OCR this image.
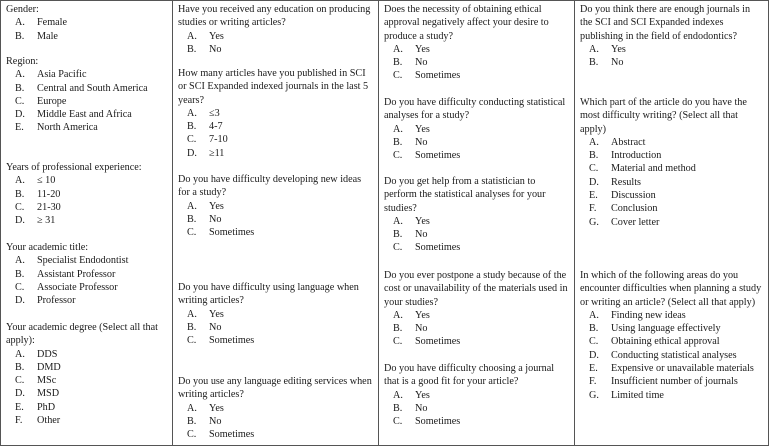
Gender:

A.	Female
B.	Male

Region:

A.	Asia Pacific
B.	Central and South America
C.	Europe
D.	Middle East and Africa
E.	North America

Years of professional experience:

A.	≤ 10
B.	11-20
C.	21-30
D.	≥ 31

Your academic title:

A.	Specialist Endodontist
B.	Assistant Professor
C.	Associate Professor
D.	Professor

Your academic degree (Select all that apply):

A.	DDS
B.	DMD
C.	MSc
D.	MSD
E.	PhD
F.	Other

Have you received any education on producing studies or writing articles?

A.	Yes
B.	No

How many articles have you published in SCI or SCI Expanded indexed journals in the last 5 years?

A.	≤3
B.	4-7
C.	7-10
D.	≥11

Do you have difficulty developing new ideas for a study?

A.	Yes
B.	No
C.	Sometimes

Do you have difficulty using language when writing articles?

A.	Yes
B.	No
C.	Sometimes

Do you use any language editing services when writing articles?

A.	Yes
B.	No
C.	Sometimes

Does the necessity of obtaining ethical approval negatively affect your desire to produce a study?

A.	Yes
B.	No
C.	Sometimes

Do you have difficulty conducting statistical analyses for a study?

A.	Yes
B.	No
C.	Sometimes

Do you get help from a statistician to perform the statistical analyses for your studies?

A.	Yes
B.	No
C.	Sometimes

Do you ever postpone a study because of the cost or unavailability of the materials used in your studies?

A.	Yes
B.	No
C.	Sometimes

Do you have difficulty choosing a journal that is a good fit for your article?

A.	Yes
B.	No
C.	Sometimes

Do you think there are enough journals in the SCI and SCI Expanded indexes publishing in the field of endodontics?

A.	Yes
B.	No

Which part of the article do you have the most difficulty writing? (Select all that apply)

A.	Abstract
B.	Introduction
C.	Material and method
D.	Results
E.	Discussion
F.	Conclusion
G.	Cover letter

In which of the following areas do you encounter difficulties when planning a study or writing an article? (Select all that apply)

A.	Finding new ideas
B.	Using language effectively
C.	Obtaining ethical approval
D.	Conducting statistical analyses
E.	Expensive or unavailable materials
F.	Insufficient number of journals
G.	Limited time
